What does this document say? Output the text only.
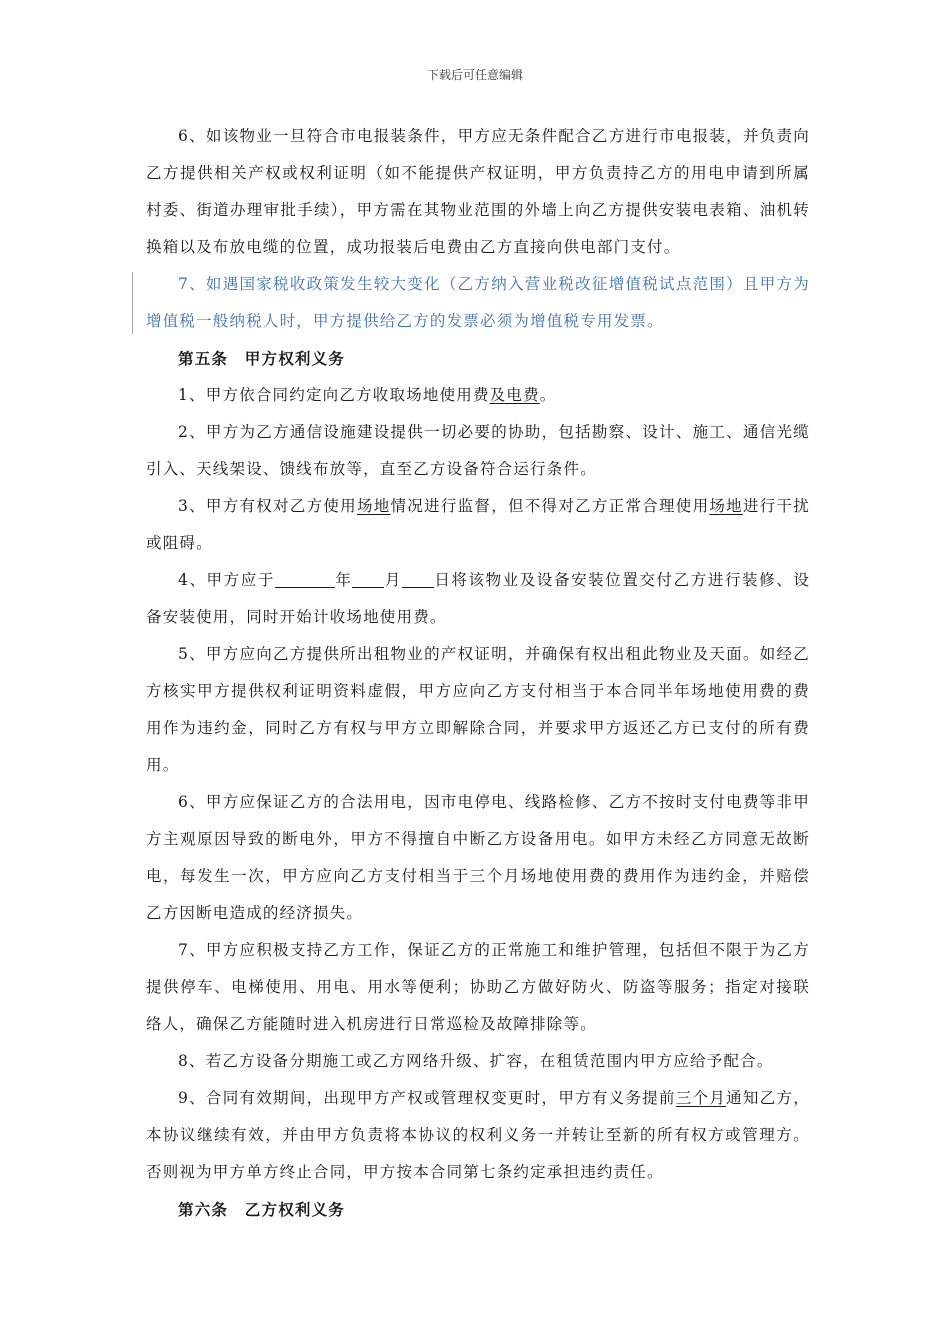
下载后可任意编辑

6、如该物业一旦符合市电报装条件，甲方应无条件配合乙方进行市电报装，并负责向乙方提供相关产权或权利证明（如不能提供产权证明，甲方负责持乙方的用电申请到所属村委、街道办理审批手续），甲方需在其物业范围的外墙上向乙方提供安装电表箱、油机转换箱以及布放电缆的位置，成功报装后电费由乙方直接向供电部门支付。

7、如遇国家税收政策发生较大变化（乙方纳入营业税改征增值税试点范围）且甲方为增值税一般纳税人时，甲方提供给乙方的发票必须为增值税专用发票。

第五条　甲方权利义务

1、甲方依合同约定向乙方收取场地使用费及电费。

2、甲方为乙方通信设施建设提供一切必要的协助，包括勘察、设计、施工、通信光缆引入、天线架设、馈线布放等，直至乙方设备符合运行条件。

3、甲方有权对乙方使用场地情况进行监督，但不得对乙方正常合理使用场地进行干扰或阻碍。

4、甲方应于	年 月 日将该物业及设备安装位置交付乙方进行装修、设备安装使用，同时开始计收场地使用费。

5、甲方应向乙方提供所出租物业的产权证明，并确保有权出租此物业及天面。如经乙方核实甲方提供权利证明资料虚假，甲方应向乙方支付相当于本合同半年场地使用费的费用作为违约金，同时乙方有权与甲方立即解除合同，并要求甲方返还乙方已支付的所有费用。

6、甲方应保证乙方的合法用电，因市电停电、线路检修、乙方不按时支付电费等非甲方主观原因导致的断电外，甲方不得擅自中断乙方设备用电。如甲方未经乙方同意无故断电，每发生一次，甲方应向乙方支付相当于三个月场地使用费的费用作为违约金，并赔偿乙方因断电造成的经济损失。

7、甲方应积极支持乙方工作，保证乙方的正常施工和维护管理，包括但不限于为乙方提供停车、电梯使用、用电、用水等便利；协助乙方做好防火、防盗等服务；指定对接联络人，确保乙方能随时进入机房进行日常巡检及故障排除等。

8、若乙方设备分期施工或乙方网络升级、扩容，在租赁范围内甲方应给予配合。

9、合同有效期间，出现甲方产权或管理权变更时，甲方有义务提前三个月通知乙方，本协议继续有效，并由甲方负责将本协议的权利义务一并转让至新的所有权方或管理方。否则视为甲方单方终止合同，甲方按本合同第七条约定承担违约责任。

第六条　乙方权利义务
